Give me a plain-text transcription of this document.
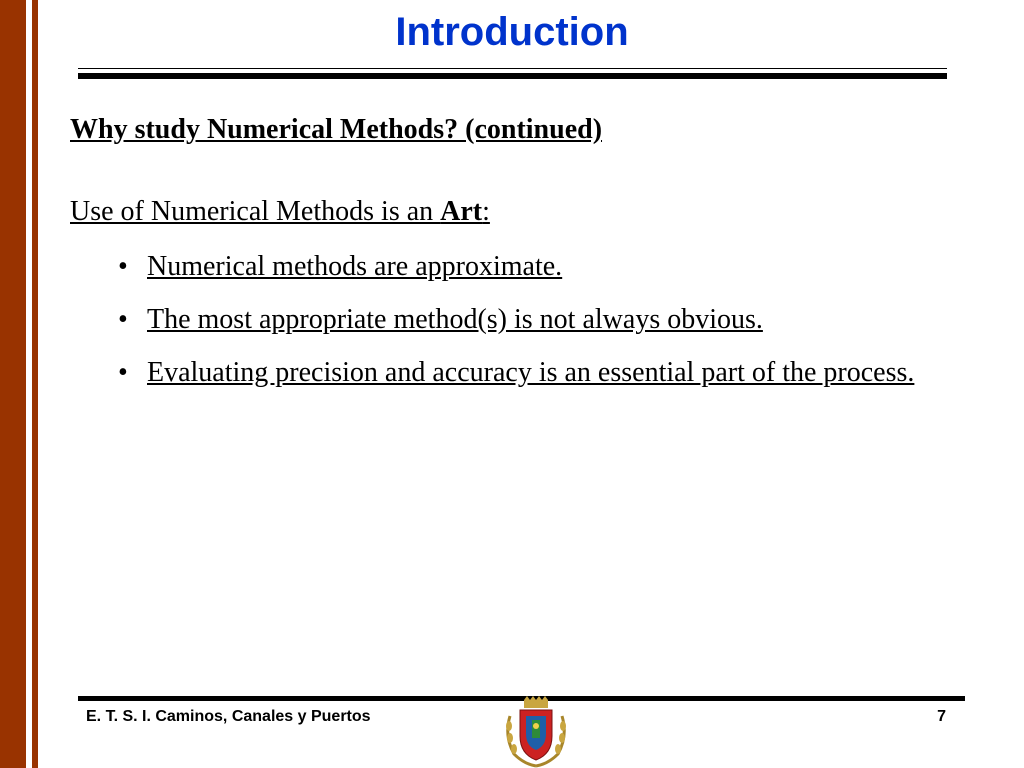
Introduction
Why study Numerical Methods? (continued)
Use of Numerical Methods is an Art:
• Numerical methods are approximate.
• The most appropriate method(s) is not always obvious.
• Evaluating precision and accuracy is an essential part of the process.
E. T. S. I. Caminos, Canales y Puertos	7
